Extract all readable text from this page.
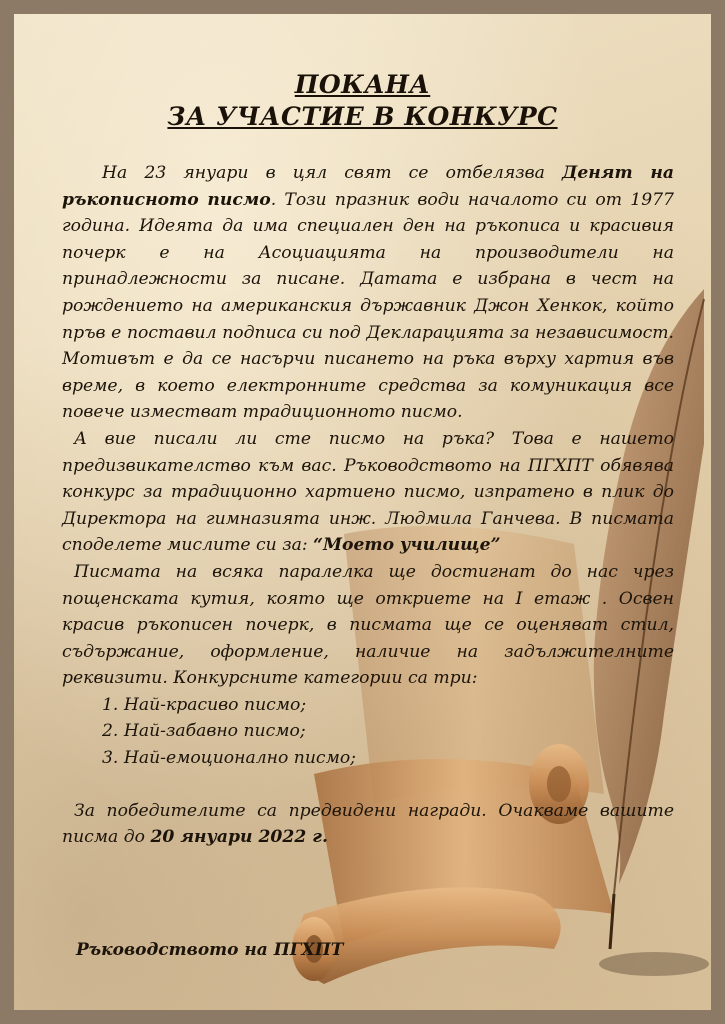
ПОКАНА
ЗА УЧАСТИЕ В КОНКУРС

На 23 януари в цял свят се отбелязва Денят на ръкописното писмо. Този празник води началото си от 1977 година. Идеята да има специален ден на ръкописа и красивия почерк е на Асоциацията на производители на принадлежности за писане. Датата е избрана в чест на рождението на американския държавник Джон Хенкок, който пръв е поставил подписа си под Декларацията за независимост. Мотивът е да се насърчи писането на ръка върху хартия във време, в което електронните средства за комуникация все повече изместват традиционното писмо.

А вие писали ли сте писмо на ръка? Това е нашето предизвикателство към вас. Ръководството на ПГХПТ обявява конкурс за традиционно хартиено писмо, изпратено в плик до Директора на гимназията инж. Людмила Ганчева. В писмата споделете мислите си за: “Моето училище”

Писмата на всяка паралелка ще достигнат до нас чрез пощенската кутия, която ще откриете на I етаж . Освен красив ръкописен почерк, в писмата ще се оценяват стил, съдържание, оформление, наличие на задължителните реквизити. Конкурсните категории са три:

1. Най-красиво писмо;
2. Най-забавно писмо;
3. Най-емоционално писмо;

За победителите са предвидени награди. Очакваме вашите писма до 20 януари 2022 г.

Ръководството на ПГХПТ
